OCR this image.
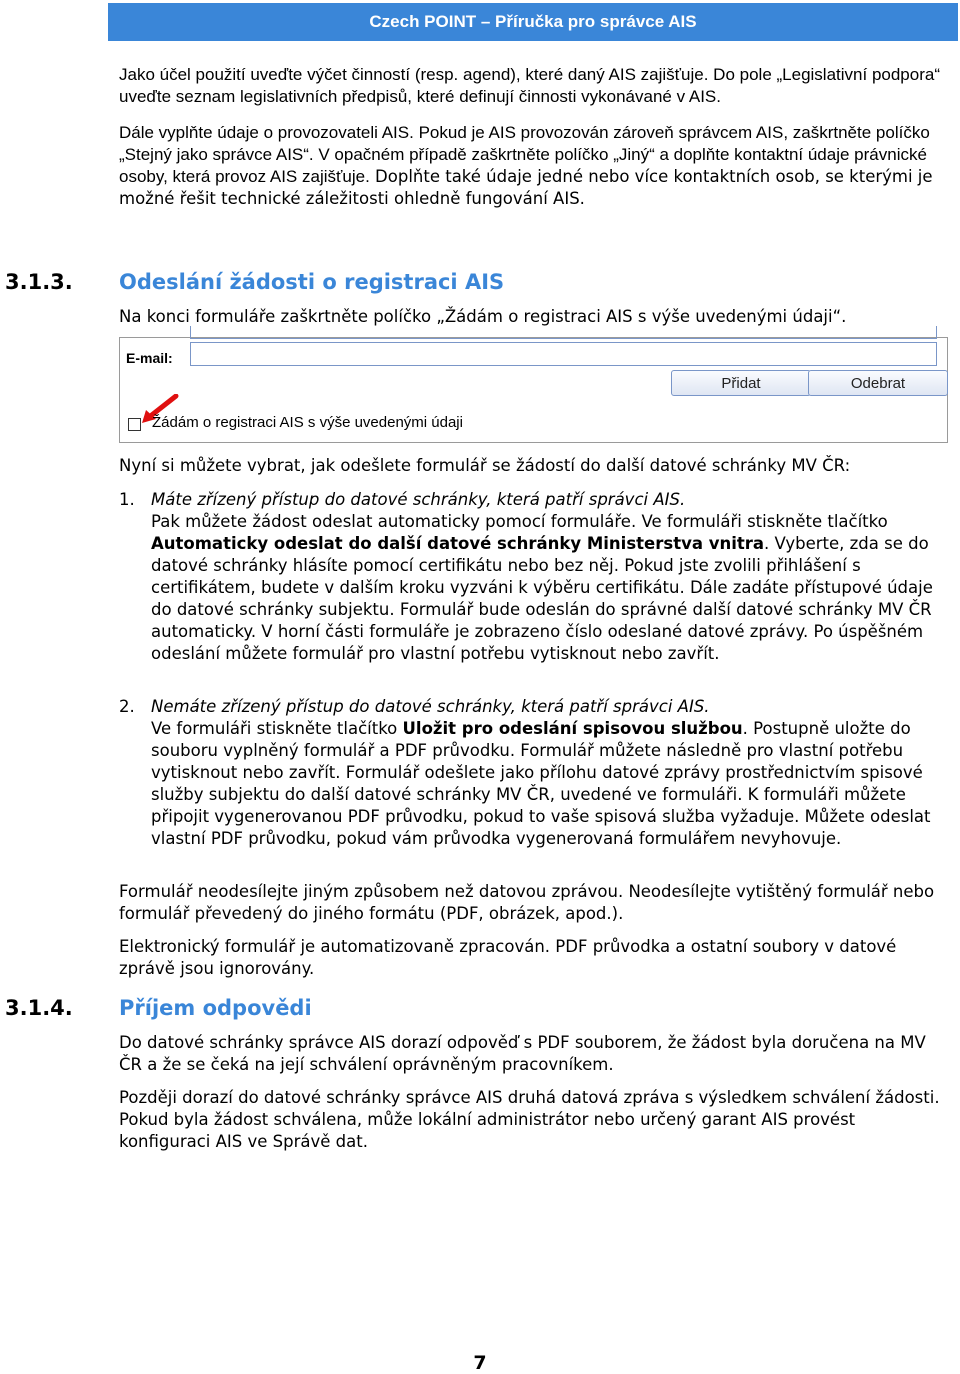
Czech POINT – Příručka pro správce AIS

Jako účel použití uveďte výčet činností (resp. agend), které daný AIS zajišťuje. Do pole „Legislativní podpora“ uveďte seznam legislativních předpisů, které definují činnosti vykonávané v AIS.

Dále vyplňte údaje o provozovateli AIS. Pokud je AIS provozován zároveň správcem AIS, zaškrtněte políčko „Stejný jako správce AIS“. V opačném případě zaškrtněte políčko „Jiný“ a doplňte kontaktní údaje právnické osoby, která provoz AIS zajišťuje. Doplňte také údaje jedné nebo více kontaktních osob, se kterými je možné řešit technické záležitosti ohledně fungování AIS.

3.1.3. Odeslání žádosti o registraci AIS
Na konci formuláře zaškrtněte políčko „Žádám o registraci AIS s výše uvedenými údaji“.
E-mail:
Přidat	Odebrat
Žádám o registraci AIS s výše uvedenými údaji
Nyní si můžete vybrat, jak odešlete formulář se žádostí do další datové schránky MV ČR:
1. Máte zřízený přístup do datové schránky, která patří správci AIS.
Pak můžete žádost odeslat automaticky pomocí formuláře. Ve formuláři stiskněte tlačítko Automaticky odeslat do další datové schránky Ministerstva vnitra. Vyberte, zda se do datové schránky hlásíte pomocí certifikátu nebo bez něj. Pokud jste zvolili přihlášení s certifikátem, budete v dalším kroku vyzváni k výběru certifikátu. Dále zadáte přístupové údaje do datové schránky subjektu. Formulář bude odeslán do správné další datové schránky MV ČR automaticky. V horní části formuláře je zobrazeno číslo odeslané datové zprávy. Po úspěšném odeslání můžete formulář pro vlastní potřebu vytisknout nebo zavřít.
2. Nemáte zřízený přístup do datové schránky, která patří správci AIS.
Ve formuláři stiskněte tlačítko Uložit pro odeslání spisovou službou. Postupně uložte do souboru vyplněný formulář a PDF průvodku. Formulář můžete následně pro vlastní potřebu vytisknout nebo zavřít. Formulář odešlete jako přílohu datové zprávy prostřednictvím spisové služby subjektu do další datové schránky MV ČR, uvedené ve formuláři. K formuláři můžete připojit vygenerovanou PDF průvodku, pokud to vaše spisová služba vyžaduje. Můžete odeslat vlastní PDF průvodku, pokud vám průvodka vygenerovaná formulářem nevyhovuje.
Formulář neodesílejte jiným způsobem než datovou zprávou. Neodesílejte vytištěný formulář nebo formulář převedený do jiného formátu (PDF, obrázek, apod.).
Elektronický formulář je automatizovaně zpracován. PDF průvodka a ostatní soubory v datové zprávě jsou ignorovány.
3.1.4. Příjem odpovědi
Do datové schránky správce AIS dorazí odpověď s PDF souborem, že žádost byla doručena na MV ČR a že se čeká na její schválení oprávněným pracovníkem.
Později dorazí do datové schránky správce AIS druhá datová zpráva s výsledkem schválení žádosti. Pokud byla žádost schválena, může lokální administrátor nebo určený garant AIS provést konfiguraci AIS ve Správě dat.
7
